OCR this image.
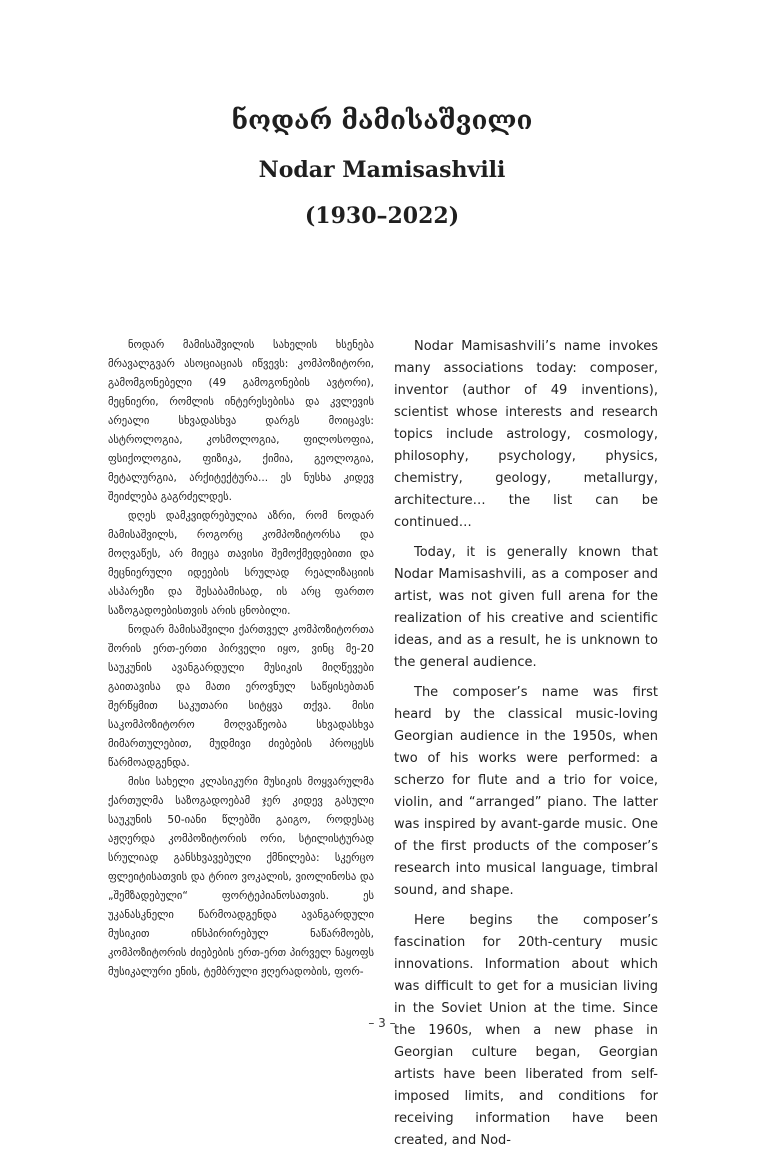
ნოდარ მამისაშვილი
Nodar Mamisashvili
(1930–2022)

ნოდარ მამისაშვილის სახელის ხსენება მრავალგვარ ასოციაციას იწვევს: კომპოზიტორი, გამომგონებელი (49 გამოგონების ავტორი), მეცნიერი, რომლის ინტერესებისა და კვლევის არეალი სხვადასხვა დარგს მოიცავს: ასტროლოგია, კოსმოლოგია, ფილოსოფია, ფსიქოლოგია, ფიზიკა, ქიმია, გეოლოგია, მეტალურგია, არქიტექტურა... ეს ნუსხა კიდევ შეიძლება გაგრძელდეს.

დღეს დამკვიდრებულია აზრი, რომ ნოდარ მამისაშვილს, როგორც კომპოზიტორსა და მოღვაწეს, არ მიეცა თავისი შემოქმედებითი და მეცნიერული იდეების სრულად რეალიზაციის ასპარეზი და შესაბამისად, ის არც ფართო საზოგადოებისთვის არის ცნობილი.

ნოდარ მამისაშვილი ქართველ კომპოზიტორთა შორის ერთ-ერთი პირველი იყო, ვინც მე-20 საუკუნის ავანგარდული მუსიკის მიღწევები გაითავისა და მათი ეროვნულ საწყისებთან შერწყმით საკუთარი სიტყვა თქვა. მისი საკომპოზიტორო მოღვაწეობა სხვადასხვა მიმართულებით, მუდმივი ძიებების პროცესს წარმოადგენდა.

მისი სახელი კლასიკური მუსიკის მოყვარულმა ქართულმა საზოგადოებამ ჯერ კიდევ გასული საუკუნის 50-იანი წლებში გაიგო, როდესაც აჟღერდა კომპოზიტორის ორი, სტილისტურად სრულიად განსხვავებული ქმნილება: სკერცო ფლეიტისათვის და ტრიო ვოკალის, ვიოლინოსა და „შემზადებული“ ფორტეპიანოსათვის. ეს უკანასკნელი წარმოადგენდა ავანგარდული მუსიკით ინსპირირებულ ნაწარმოებს, კომპოზიტორის ძიებების ერთ-ერთ პირველ ნაყოფს მუსიკალური ენის, ტემბრული ჟღერადობის, ფორ-

Nodar Mamisashvili’s name invokes many associations today: composer, inventor (author of 49 inventions), scientist whose interests and research topics include astrology, cosmology, philosophy, psychology, physics, chemistry, geology, metallurgy, architecture… the list can be continued…

Today, it is generally known that Nodar Mamisashvili, as a composer and artist, was not given full arena for the realization of his creative and scientific ideas, and as a result, he is unknown to the general audience.

The composer’s name was first heard by the classical music-loving Georgian audience in the 1950s, when two of his works were performed: a scherzo for flute and a trio for voice, violin, and “arranged” piano. The latter was inspired by avant-garde music. One of the first products of the composer’s research into musical language, timbral sound, and shape.

Here begins the composer’s fascination for 20th-century music innovations. Information about which was difficult to get for a musician living in the Soviet Union at the time. Since the 1960s, when a new phase in Georgian culture began, Georgian artists have been liberated from self- imposed limits, and conditions for receiving information have been created, and Nod-

– 3 –
